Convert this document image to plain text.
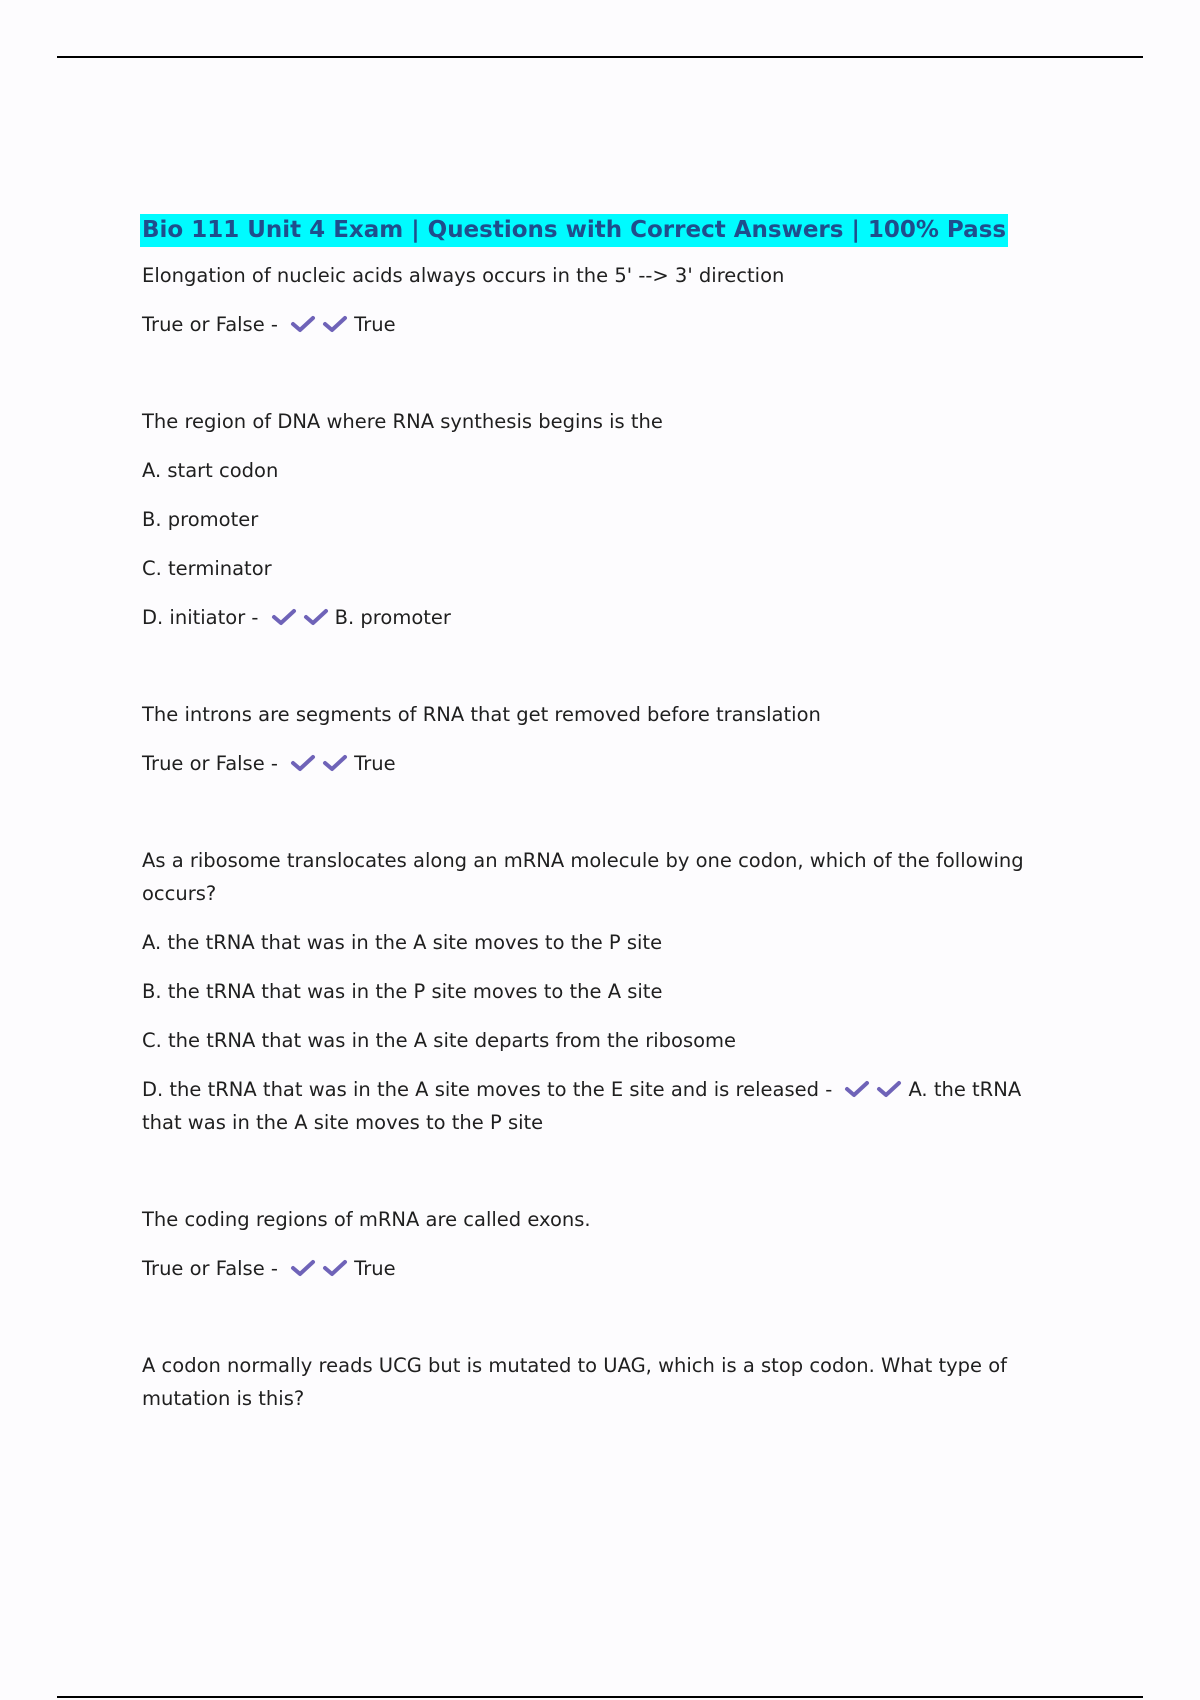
Bio 111 Unit 4 Exam | Questions with Correct Answers | 100% Pass
Elongation of nucleic acids always occurs in the 5' --> 3' direction
True or False -	True
The region of DNA where RNA synthesis begins is the
A. start codon
B. promoter
C. terminator
D. initiator -	B. promoter
The introns are segments of RNA that get removed before translation
True or False -	True
As a ribosome translocates along an mRNA molecule by one codon, which of the following occurs?
A. the tRNA that was in the A site moves to the P site
B. the tRNA that was in the P site moves to the A site
C. the tRNA that was in the A site departs from the ribosome
D. the tRNA that was in the A site moves to the E site and is released -	A. the tRNA that was in the A site moves to the P site
The coding regions of mRNA are called exons.
True or False -	True
A codon normally reads UCG but is mutated to UAG, which is a stop codon. What type of mutation is this?
